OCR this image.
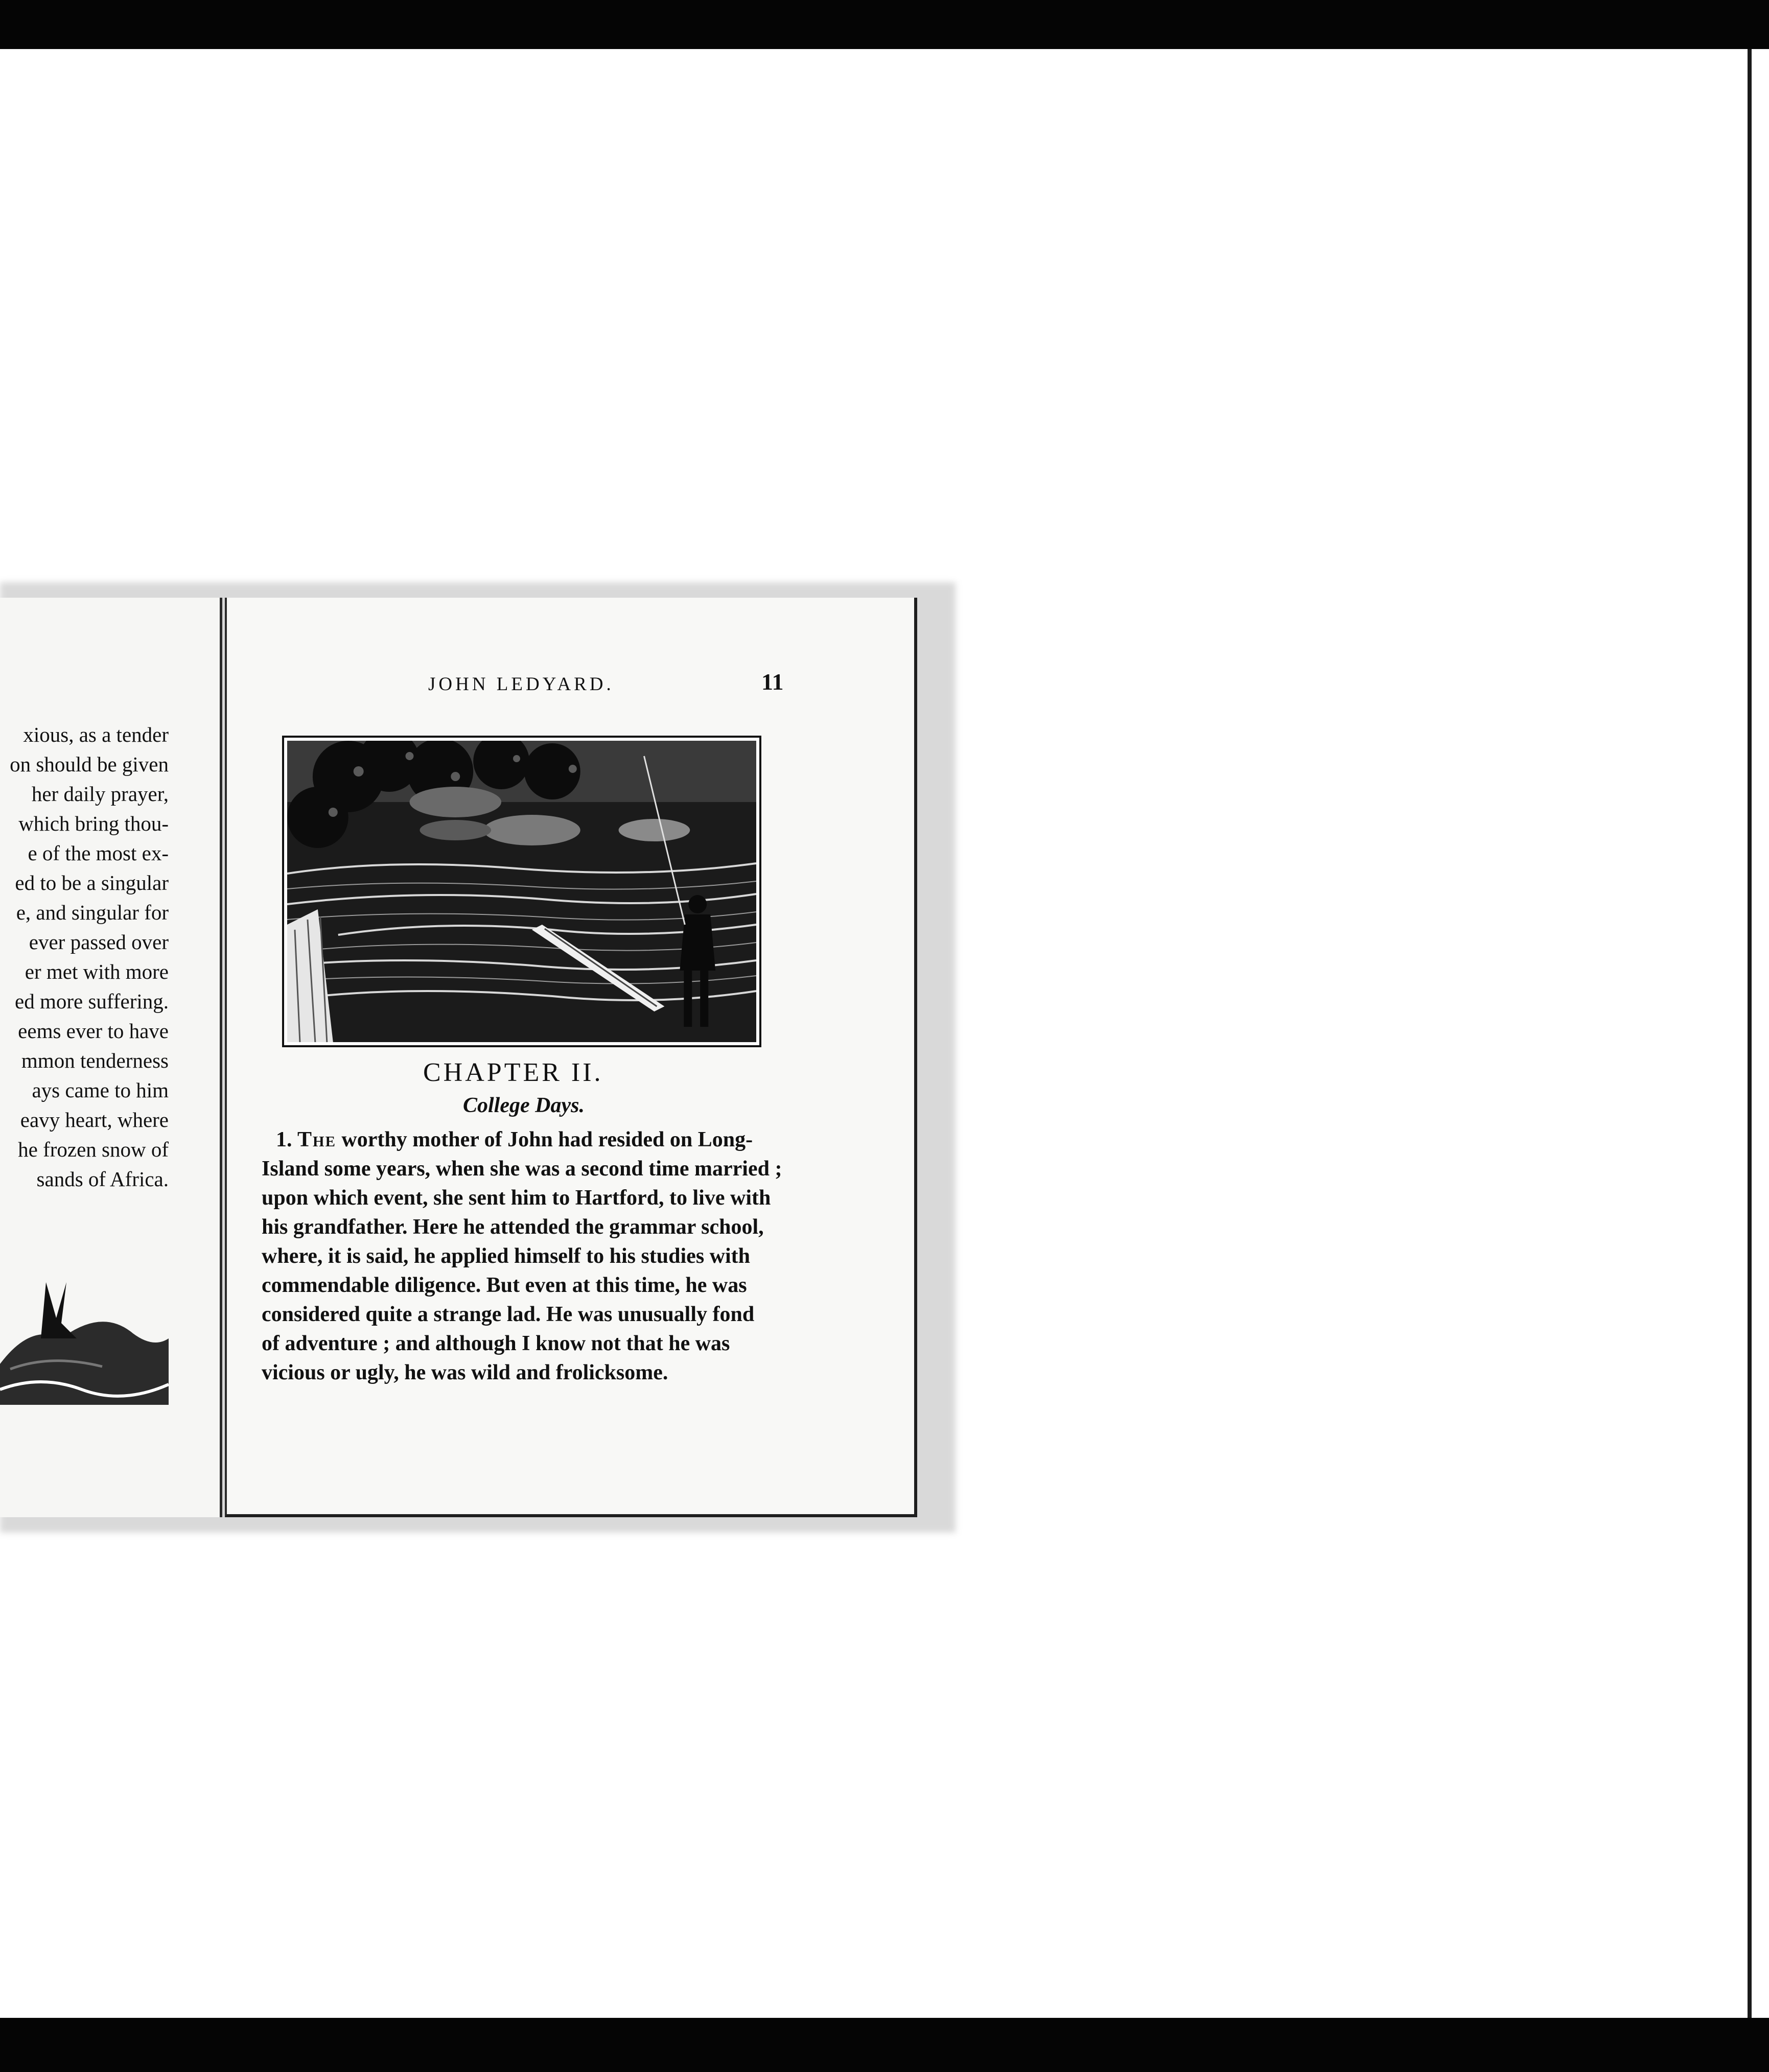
xious, as a tender
on should be given
her daily prayer,
which bring thou-
e of the most ex-
ed to be a singular
e, and singular for
ever passed over
er met with more
ed more suffering.
eems ever to have
mmon tenderness
ays came to him
eavy heart, where
he frozen snow of
sands of Africa.
JOHN LEDYARD.	11
CHAPTER II.
College Days.
1. The worthy mother of John had resided on Long-
Island some years, when she was a second time married ;
upon which event, she sent him to Hartford, to live with
his grandfather. Here he attended the grammar school,
where, it is said, he applied himself to his studies with
commendable diligence. But even at this time, he was
considered quite a strange lad. He was unusually fond
of adventure ; and although I know not that he was
vicious or ugly, he was wild and frolicksome.
